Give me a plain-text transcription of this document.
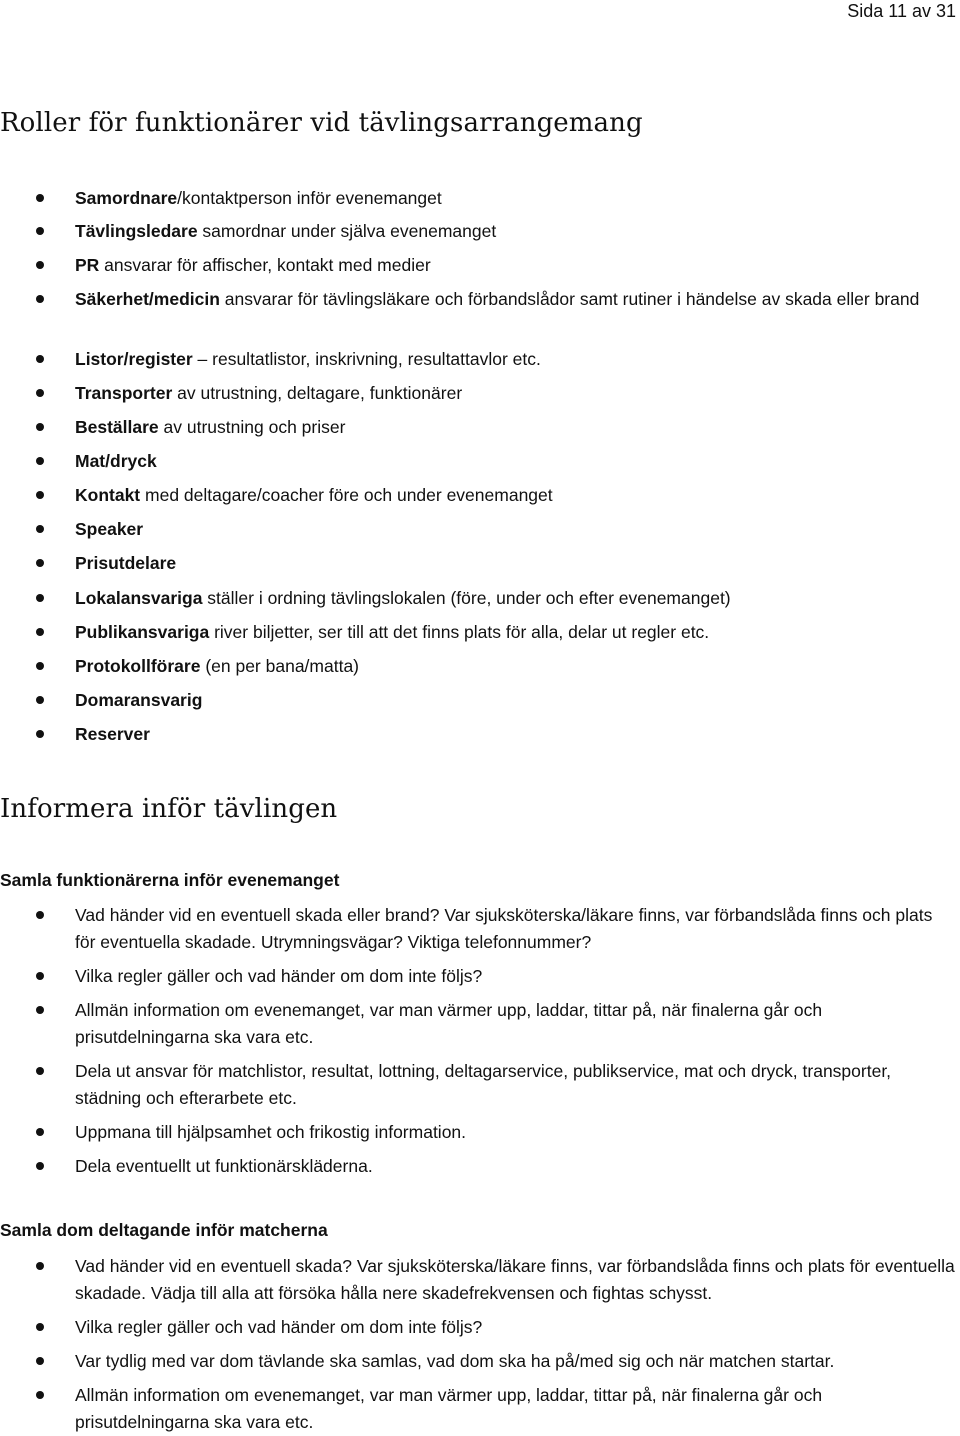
Sida 11 av 31
Roller för funktionärer vid tävlingsarrangemang
Samordnare/kontaktperson inför evenemanget
Tävlingsledare samordnar under själva evenemanget
PR ansvarar för affischer, kontakt med medier
Säkerhet/medicin ansvarar för tävlingsläkare och förbandslådor samt rutiner i händelse av skada eller brand
Listor/register – resultatlistor, inskrivning, resultattavlor etc.
Transporter av utrustning, deltagare, funktionärer
Beställare av utrustning och priser
Mat/dryck
Kontakt med deltagare/coacher före och under evenemanget
Speaker
Prisutdelare
Lokalansvariga ställer i ordning tävlingslokalen (före, under och efter evenemanget)
Publikansvariga river biljetter, ser till att det finns plats för alla, delar ut regler etc.
Protokollförare (en per bana/matta)
Domaransvarig
Reserver
Informera inför tävlingen
Samla funktionärerna inför evenemanget
Vad händer vid en eventuell skada eller brand? Var sjuksköterska/läkare finns, var förbandslåda finns och plats för eventuella skadade. Utrymningsvägar? Viktiga telefonnummer?
Vilka regler gäller och vad händer om dom inte följs?
Allmän information om evenemanget, var man värmer upp, laddar, tittar på, när finalerna går och prisutdelningarna ska vara etc.
Dela ut ansvar för matchlistor, resultat, lottning, deltagarservice, publikservice, mat och dryck, transporter, städning och efterarbete etc.
Uppmana till hjälpsamhet och frikostig information.
Dela eventuellt ut funktionärskläderna.
Samla dom deltagande inför matcherna
Vad händer vid en eventuell skada? Var sjuksköterska/läkare finns, var förbandslåda finns och plats för eventuella skadade. Vädja till alla att försöka hålla nere skadefrekvensen och fightas schysst.
Vilka regler gäller och vad händer om dom inte följs?
Var tydlig med var dom tävlande ska samlas, vad dom ska ha på/med sig och när matchen startar.
Allmän information om evenemanget, var man värmer upp, laddar, tittar på, när finalerna går och prisutdelningarna ska vara etc.
